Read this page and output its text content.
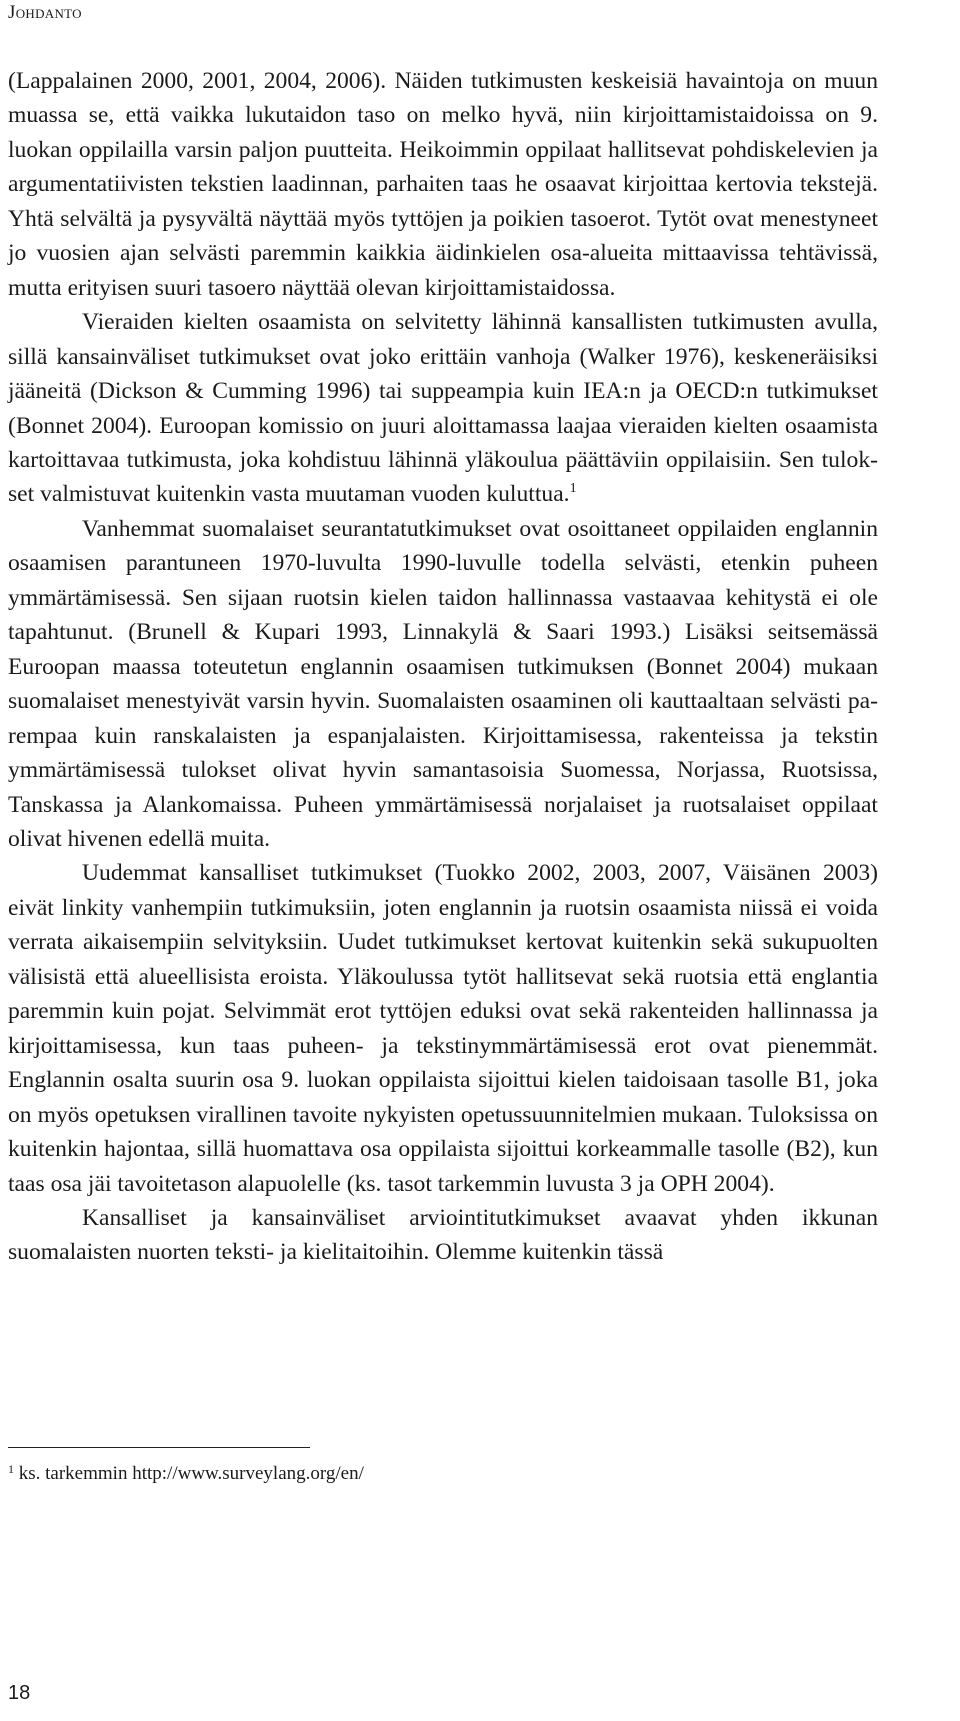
Johdanto

(Lappalainen 2000, 2001, 2004, 2006). Näiden tutkimusten keskeisiä havaintoja on muun muassa se, että vaikka lukutaidon taso on melko hyvä, niin kirjoittamistaidoissa on 9. luokan oppilailla varsin paljon puutteita. Heikoimmin oppilaat hallitsevat pohdiskelevien ja argumentatiivisten tekstien laadinnan, parhaiten taas he osaavat kirjoittaa kertovia tekstejä. Yhtä selvältä ja pysyvältä näyttää myös tyttöjen ja poikien tasoerot. Tytöt ovat menestyneet jo vuosien ajan selvästi paremmin kaikkia äidinkielen osa-alueita mittaavissa tehtävissä, mutta erityisen suuri tasoero näyttää olevan kirjoittamistaidossa.

Vieraiden kielten osaamista on selvitetty lähinnä kansallisten tutkimusten avulla, sillä kansainväliset tutkimukset ovat joko erittäin vanhoja (Walker 1976), keskeneräisiksi jääneitä (Dickson & Cumming 1996) tai suppeampia kuin IEA:n ja OECD:n tutkimukset (Bonnet 2004). Euroopan komissio on juuri aloittamassa laajaa vieraiden kielten osaamista kartoittavaa tutkimusta, joka kohdistuu lähinnä yläkoulua päättäviin oppilaisiin. Sen tulokset valmistuvat kuitenkin vasta muutaman vuoden kuluttua.$^1$

Vanhemmat suomalaiset seurantatutkimukset ovat osoittaneet oppilaiden englannin osaamisen parantuneen 1970-luvulta 1990-luvulle todella selvästi, etenkin puheen ymmärtämisessä. Sen sijaan ruotsin kielen taidon hallinnassa vastaavaa kehitystä ei ole tapahtunut. (Brunell & Kupari 1993, Linnakylä & Saari 1993.) Lisäksi seitsemässä Euroopan maassa toteutetun englannin osaamisen tutkimuksen (Bonnet 2004) mukaan suomalaiset menestyivät varsin hyvin. Suomalaisten osaaminen oli kauttaaltaan selvästi parempaa kuin ranskalaisten ja espanjalaisten. Kirjoittamisessa, rakenteissa ja tekstin ymmärtämisessä tulokset olivat hyvin samantasoisia Suomessa, Norjassa, Ruotsissa, Tanskassa ja Alankomaissa. Puheen ymmärtämisessä norjalaiset ja ruotsalaiset oppilaat olivat hivenen edellä muita.

Uudemmat kansalliset tutkimukset (Tuokko 2002, 2003, 2007, Väisänen 2003) eivät linkity vanhempiin tutkimuksiin, joten englannin ja ruotsin osaamista niissä ei voida verrata aikaisempiin selvityksiin. Uudet tutkimukset kertovat kuitenkin sekä sukupuolten välisistä että alueellisista eroista. Yläkoulussa tytöt hallitsevat sekä ruotsia että englantia paremmin kuin pojat. Selvimmät erot tyttöjen eduksi ovat sekä rakenteiden hallinnassa ja kirjoittamisessa, kun taas puheen- ja tekstinymmärtämisessä erot ovat pienemmät. Englannin osalta suurin osa 9. luokan oppilaista sijoittui kielen taidoisaan tasolle B1, joka on myös opetuksen virallinen tavoite nykyisten opetussuunnitelmien mukaan. Tuloksissa on kuitenkin hajontaa, sillä huomattava osa oppilaista sijoittui korkeammalle tasolle (B2), kun taas osa jäi tavoitetason alapuolelle (ks. tasot tarkemmin luvusta 3 ja OPH 2004).

Kansalliset ja kansainväliset arviointitutkimukset avaavat yhden ikkunan suomalaisten nuorten teksti- ja kielitaitoihin. Olemme kuitenkin tässä

$^1$ ks. tarkemmin http://www.surveylang.org/en/
18
